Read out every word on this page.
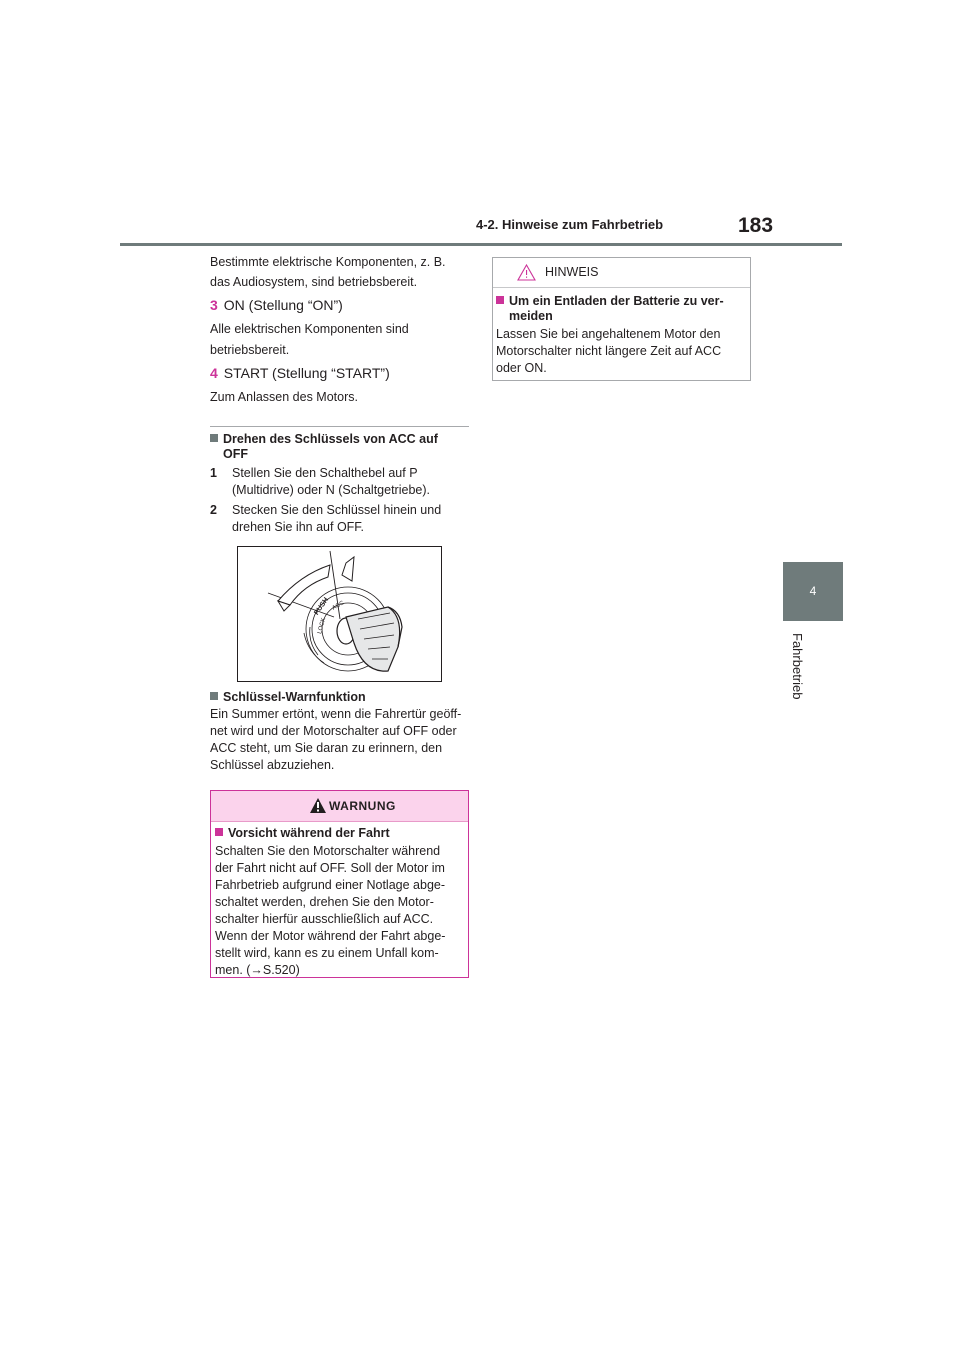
4-2. Hinweise zum Fahrbetrieb	183
4
Fahrbetrieb
Bestimmte elektrische Komponenten, z. B.
das Audiosystem, sind betriebsbereit.
3 ON (Stellung “ON”)
Alle elektrischen Komponenten sind
betriebsbereit.
4 START (Stellung “START”)
Zum Anlassen des Motors.
Drehen des Schlüssels von ACC auf
OFF
1 Stellen Sie den Schalthebel auf P
(Multidrive) oder N (Schaltgetriebe).
2 Stecken Sie den Schlüssel hinein und
drehen Sie ihn auf OFF.
PUSH
LOCK
ACC
Schlüssel-Warnfunktion
Ein Summer ertönt, wenn die Fahrertür geöff-
net wird und der Motorschalter auf OFF oder
ACC steht, um Sie daran zu erinnern, den
Schlüssel abzuziehen.
WARNUNG
Vorsicht während der Fahrt
Schalten Sie den Motorschalter während
der Fahrt nicht auf OFF. Soll der Motor im
Fahrbetrieb aufgrund einer Notlage abge-
schaltet werden, drehen Sie den Motor-
schalter hierfür ausschließlich auf ACC.
Wenn der Motor während der Fahrt abge-
stellt wird, kann es zu einem Unfall kom-
men. (→S.520)
HINWEIS
Um ein Entladen der Batterie zu ver-
meiden
Lassen Sie bei angehaltenem Motor den
Motorschalter nicht längere Zeit auf ACC
oder ON.
